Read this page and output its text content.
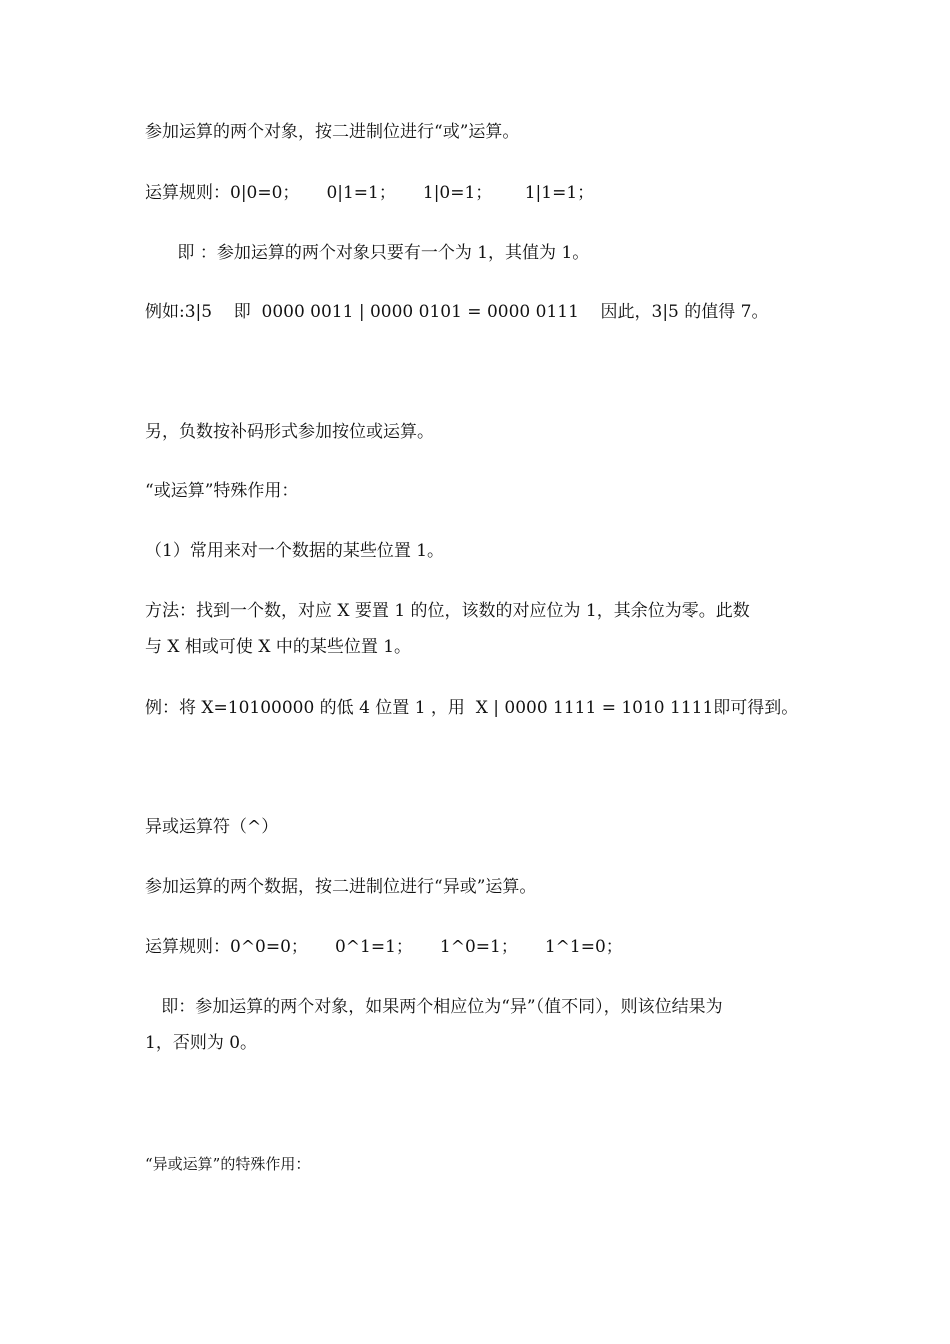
参加运算的两个对象，按二进制位进行“或”运算。

运算规则：0|0=0；     0|1=1；     1|0=1；      1|1=1；

即 ：参加运算的两个对象只要有一个为 1，其值为 1。

例如:3|5    即  0000 0011 | 0000 0101 = 0000 0111    因此，3|5 的值得 7。

另，负数按补码形式参加按位或运算。

“或运算”特殊作用：

（1）常用来对一个数据的某些位置 1。

方法：找到一个数，对应 X 要置 1 的位，该数的对应位为 1，其余位为零。此数

与 X 相或可使 X 中的某些位置 1。

例：将 X=10100000 的低 4 位置 1 ，用  X | 0000 1111 = 1010 1111即可得到。

异或运算符（^）

参加运算的两个数据，按二进制位进行“异或”运算。

运算规则：0^0=0；     0^1=1；     1^0=1；     1^1=0；

即：参加运算的两个对象，如果两个相应位为“异”（值不同），则该位结果为

1，否则为 0。

“异或运算”的特殊作用：
